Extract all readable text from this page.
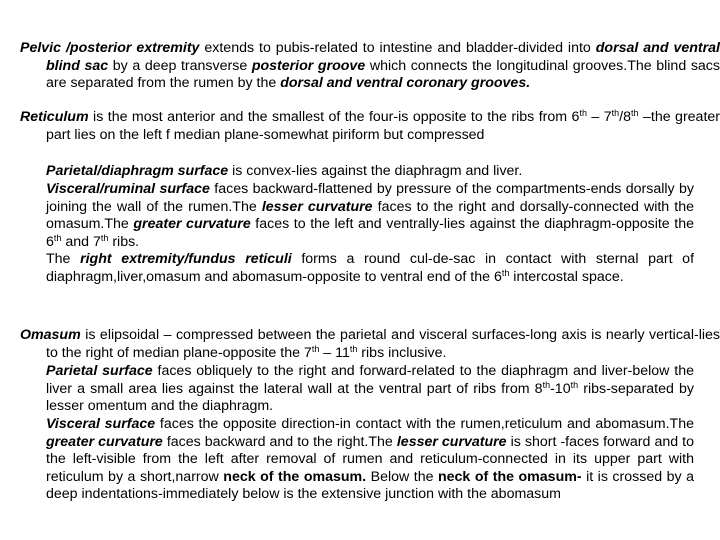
Pelvic /posterior extremity extends to pubis-related to intestine and bladder-divided into dorsal and ventral blind sac by a deep transverse posterior groove which connects the longitudinal grooves.The blind sacs are separated from the rumen by the dorsal and ventral coronary grooves.

Reticulum is the most anterior and the smallest of the four-is opposite to the ribs from 6th – 7th/8th –the greater part lies on the left f median plane-somewhat piriform but compressed

Parietal/diaphragm surface is convex-lies against the diaphragm and liver.

Visceral/ruminal surface faces backward-flattened by pressure of the compartments-ends dorsally by joining the wall of the rumen.The lesser curvature faces to the right and dorsally-connected with the omasum.The greater curvature faces to the left and ventrally-lies against the diaphragm-opposite the 6th and 7th ribs.

The right extremity/fundus reticuli forms a round cul-de-sac in contact with sternal part of diaphragm,liver,omasum and abomasum-opposite to ventral end of the 6th intercostal space.

Omasum is elipsoidal – compressed between the parietal and visceral surfaces-long axis is nearly vertical-lies to the right of median plane-opposite the 7th – 11th ribs inclusive.

Parietal surface faces obliquely to the right and forward-related to the diaphragm and liver-below the liver a small area lies against the lateral wall at the ventral part of ribs from 8th-10th ribs-separated by lesser omentum and the diaphragm.

Visceral surface faces the opposite direction-in contact with the rumen,reticulum and abomasum.The greater curvature faces backward and to the right.The lesser curvature is short -faces forward and to the left-visible from the left after removal of rumen and reticulum-connected in its upper part with reticulum by a short,narrow neck of the omasum. Below the neck of the omasum- it is crossed by a deep indentations-immediately below is the extensive junction with the abomasum
